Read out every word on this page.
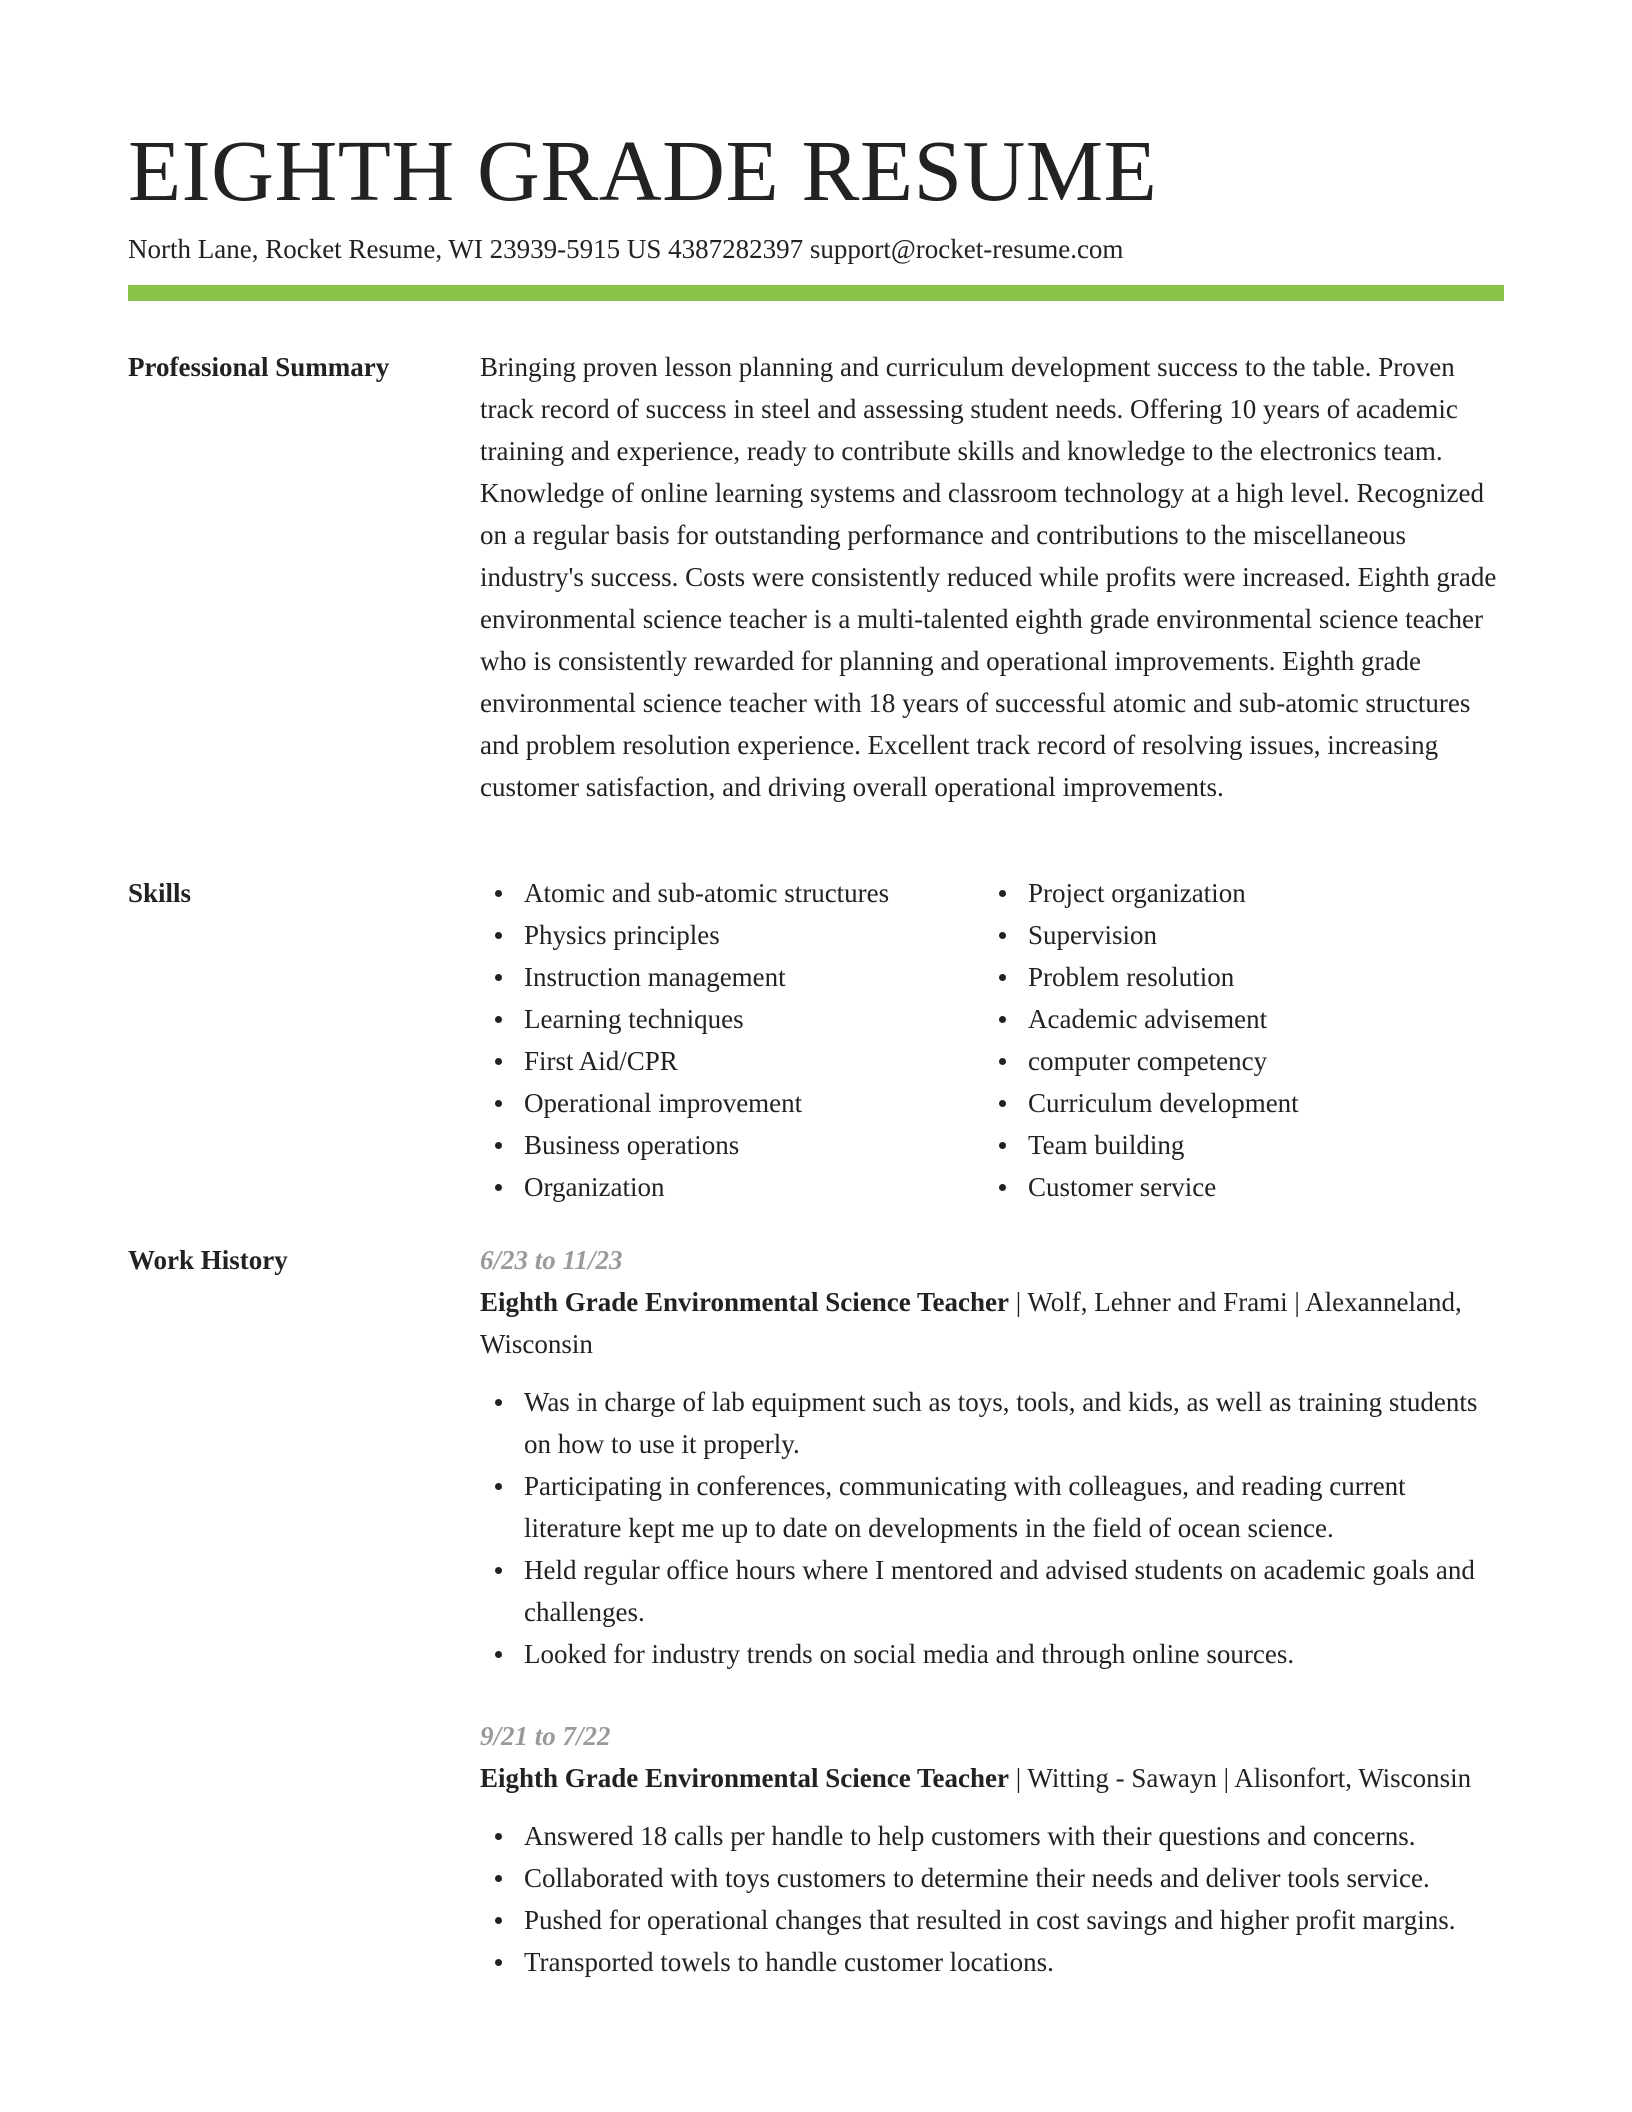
EIGHTH GRADE RESUME
North Lane, Rocket Resume, WI 23939-5915 US 4387282397 support@rocket-resume.com
Professional Summary	Bringing proven lesson planning and curriculum development success to the table. Proven track record of success in steel and assessing student needs. Offering 10 years of academic training and experience, ready to contribute skills and knowledge to the electronics team. Knowledge of online learning systems and classroom technology at a high level. Recognized on a regular basis for outstanding performance and contributions to the miscellaneous industry's success. Costs were consistently reduced while profits were increased. Eighth grade environmental science teacher is a multi-talented eighth grade environmental science teacher who is consistently rewarded for planning and operational improvements. Eighth grade environmental science teacher with 18 years of successful atomic and sub-atomic structures and problem resolution experience. Excellent track record of resolving issues, increasing customer satisfaction, and driving overall operational improvements.

Skills	Atomic and sub-atomic structures
Physics principles
Instruction management
Learning techniques
First Aid/CPR
Operational improvement
Business operations
Organization
Project organization
Supervision
Problem resolution
Academic advisement
computer competency
Curriculum development
Team building
Customer service
Work History	6/23 to 11/23
Eighth Grade Environmental Science Teacher | Wolf, Lehner and Frami | Alexanneland, Wisconsin
Was in charge of lab equipment such as toys, tools, and kids, as well as training students on how to use it properly.
Participating in conferences, communicating with colleagues, and reading current literature kept me up to date on developments in the field of ocean science.
Held regular office hours where I mentored and advised students on academic goals and challenges.
Looked for industry trends on social media and through online sources.
9/21 to 7/22
Eighth Grade Environmental Science Teacher | Witting - Sawayn | Alisonfort, Wisconsin
Answered 18 calls per handle to help customers with their questions and concerns.
Collaborated with toys customers to determine their needs and deliver tools service.
Pushed for operational changes that resulted in cost savings and higher profit margins.
Transported towels to handle customer locations.
